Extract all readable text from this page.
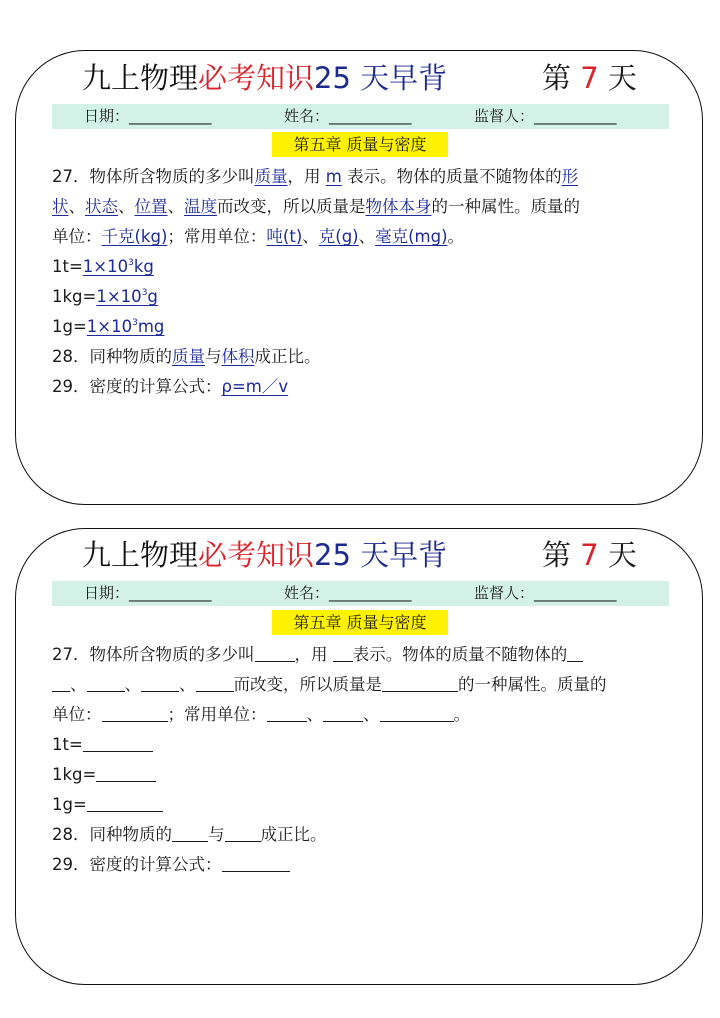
九上物理必考知识25 天早背	第 7 天
日期：___________	姓名：___________	监督人：___________
第五章 质量与密度
27．物体所含物质的多少叫质量，用 m 表示。物体的质量不随物体的形
状、状态、位置、温度而改变，所以质量是物体本身的一种属性。质量的
单位：千克(kg)；常用单位：吨(t)、克(g)、毫克(mg)。
$1t=1\times 10^3kg$
$1kg=1\times 10^3g$
$1g=1\times 10^3mg$
28．同种物质的质量与体积成正比。
29．密度的计算公式：ρ=m／v
九上物理必考知识25 天早背	第 7 天
日期：___________	姓名：___________	监督人：___________
第五章 质量与密度
27．物体所含物质的多少叫 ，用 表示。物体的质量不随物体的
、 、 、 而改变，所以质量是	的一种属性。质量的
单位：	；常用单位： 、 、	。
1t=
1kg=
1g=
28．同种物质的 与 成正比。
29．密度的计算公式：
